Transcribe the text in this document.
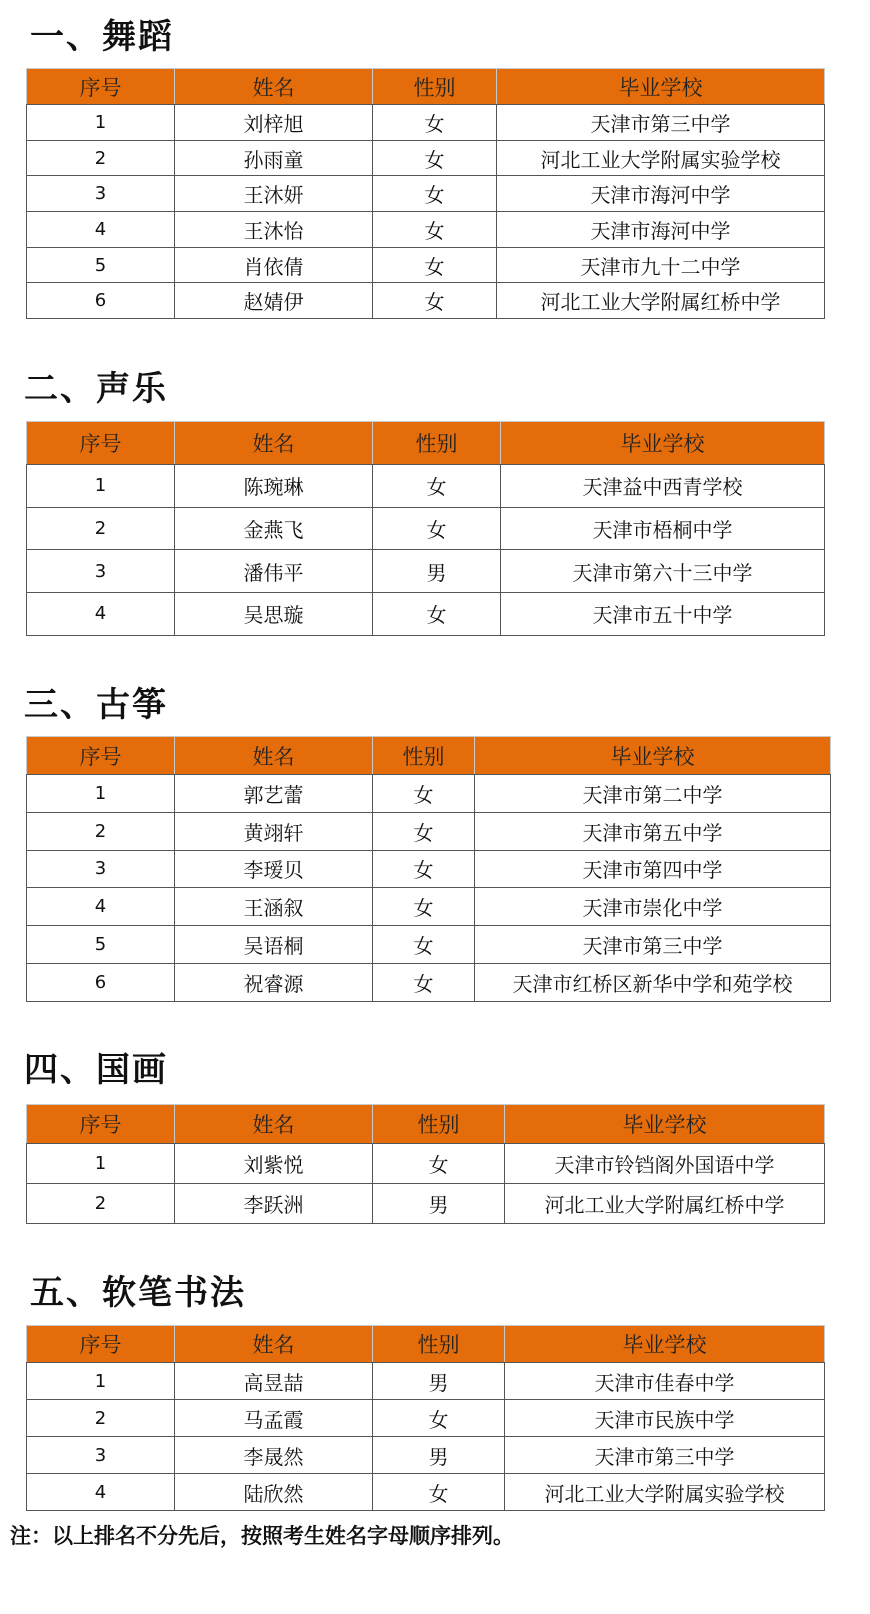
一、舞蹈
序号	姓名	性别	毕业学校
1	刘梓旭	女	天津市第三中学
2	孙雨童	女	河北工业大学附属实验学校
3	王沐妍	女	天津市海河中学
4	王沐怡	女	天津市海河中学
5	肖依倩	女	天津市九十二中学
6	赵婧伊	女	河北工业大学附属红桥中学
二、声乐
序号	姓名	性别	毕业学校
1	陈琬琳	女	天津益中西青学校
2	金燕飞	女	天津市梧桐中学
3	潘伟平	男	天津市第六十三中学
4	吴思璇	女	天津市五十中学
三、古筝
序号	姓名	性别	毕业学校
1	郭艺蕾	女	天津市第二中学
2	黄翊轩	女	天津市第五中学
3	李瑷贝	女	天津市第四中学
4	王涵叙	女	天津市崇化中学
5	吴语桐	女	天津市第三中学
6	祝睿源	女	天津市红桥区新华中学和苑学校
四、国画
序号	姓名	性别	毕业学校
1	刘紫悦	女	天津市铃铛阁外国语中学
2	李跃洲	男	河北工业大学附属红桥中学
五、软笔书法
序号	姓名	性别	毕业学校
1	高昱喆	男	天津市佳春中学
2	马孟霞	女	天津市民族中学
3	李晟然	男	天津市第三中学
4	陆欣然	女	河北工业大学附属实验学校

注：以上排名不分先后，按照考生姓名字母顺序排列。
